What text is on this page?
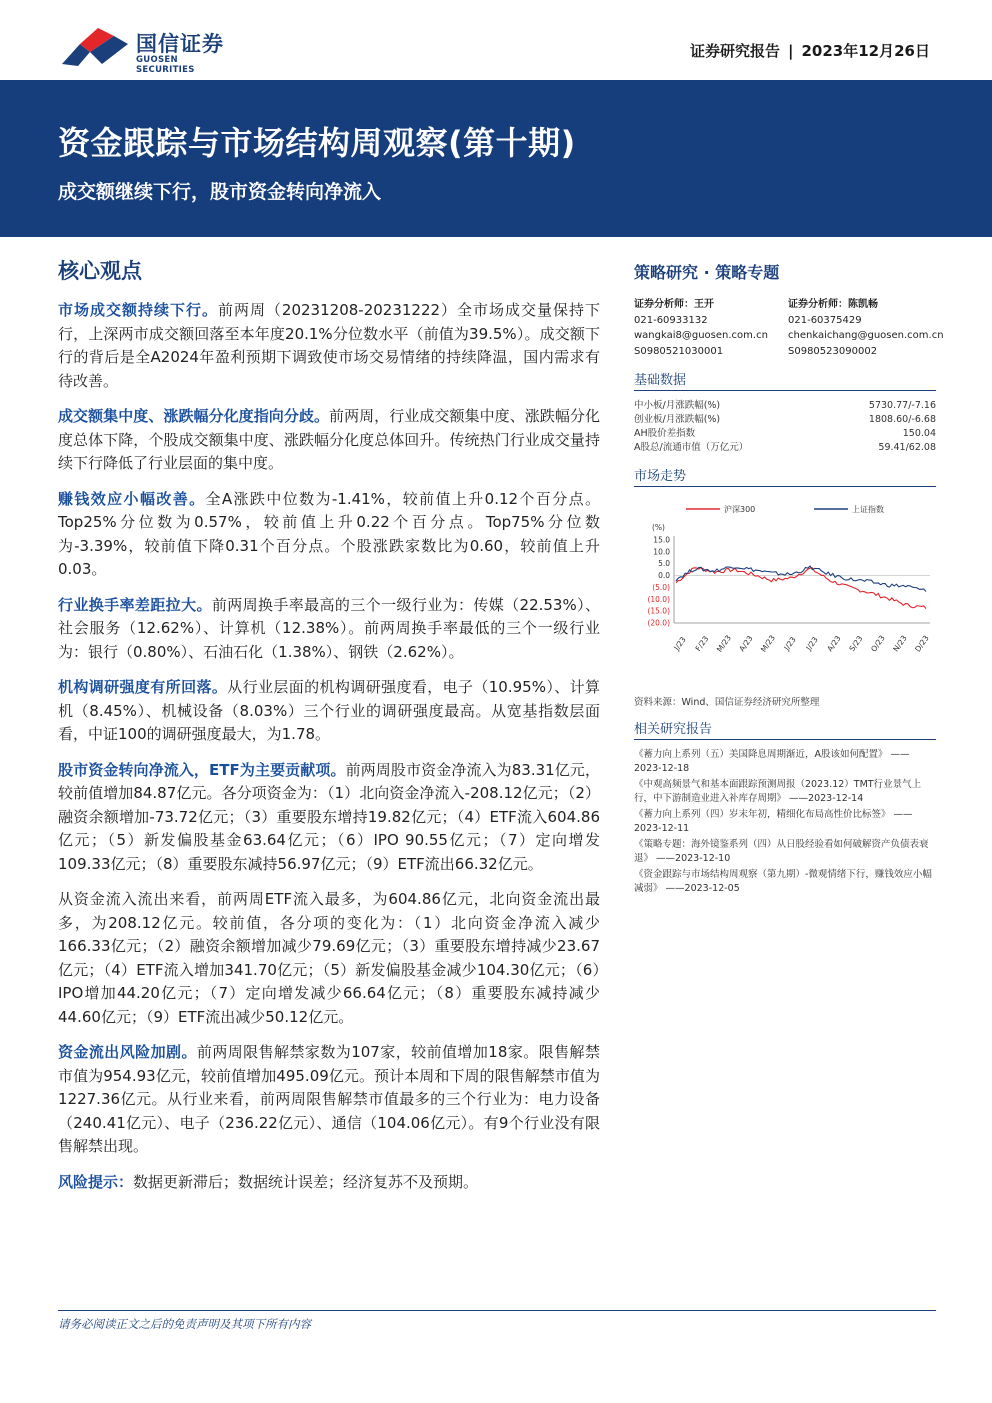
国信证券
GUOSEN SECURITIES
证券研究报告 | 2023年12月26日
资金跟踪与市场结构周观察(第十期)
成交额继续下行，股市资金转向净流入
核心观点
市场成交额持续下行。前两周（20231208-20231222）全市场成交量保持下行，上深两市成交额回落至本年度20.1%分位数水平（前值为39.5%）。成交额下行的背后是全A2024年盈利预期下调致使市场交易情绪的持续降温，国内需求有待改善。
成交额集中度、涨跌幅分化度指向分歧。前两周，行业成交额集中度、涨跌幅分化度总体下降，个股成交额集中度、涨跌幅分化度总体回升。传统热门行业成交量持续下行降低了行业层面的集中度。
赚钱效应小幅改善。全A涨跌中位数为-1.41%，较前值上升0.12个百分点。Top25%分位数为0.57%，较前值上升0.22个百分点。Top75%分位数为-3.39%，较前值下降0.31个百分点。个股涨跌家数比为0.60，较前值上升0.03。
行业换手率差距拉大。前两周换手率最高的三个一级行业为：传媒（22.53%）、社会服务（12.62%）、计算机（12.38%）。前两周换手率最低的三个一级行业为：银行（0.80%）、石油石化（1.38%）、钢铁（2.62%）。
机构调研强度有所回落。从行业层面的机构调研强度看，电子（10.95%）、计算机（8.45%）、机械设备（8.03%）三个行业的调研强度最高。从宽基指数层面看，中证100的调研强度最大，为1.78。
股市资金转向净流入，ETF为主要贡献项。前两周股市资金净流入为83.31亿元，较前值增加84.87亿元。各分项资金为：（1）北向资金净流入-208.12亿元；（2）融资余额增加-73.72亿元；（3）重要股东增持19.82亿元；（4）ETF流入604.86亿元；（5）新发偏股基金63.64亿元；（6）IPO 90.55亿元；（7）定向增发109.33亿元；（8）重要股东减持56.97亿元；（9）ETF流出66.32亿元。
从资金流入流出来看，前两周ETF流入最多，为604.86亿元，北向资金流出最多，为208.12亿元。较前值，各分项的变化为：（1）北向资金净流入减少166.33亿元；（2）融资余额增加减少79.69亿元；（3）重要股东增持减少23.67亿元；（4）ETF流入增加341.70亿元；（5）新发偏股基金减少104.30亿元；（6）IPO增加44.20亿元；（7）定向增发减少66.64亿元；（8）重要股东减持减少44.60亿元；（9）ETF流出减少50.12亿元。
资金流出风险加剧。前两周限售解禁家数为107家，较前值增加18家。限售解禁市值为954.93亿元，较前值增加495.09亿元。预计本周和下周的限售解禁市值为1227.36亿元。从行业来看，前两周限售解禁市值最多的三个行业为：电力设备（240.41亿元）、电子（236.22亿元）、通信（104.06亿元）。有9个行业没有限售解禁出现。
风险提示：数据更新滞后；数据统计误差；经济复苏不及预期。
策略研究 · 策略专题
证券分析师：王开
021-60933132
wangkai8@guosen.com.cn
S0980521030001
证券分析师：陈凯畅
021-60375429
chenkaichang@guosen.com.cn
S0980523090002
基础数据
中小板/月涨跌幅(%)	5730.77/-7.16
创业板/月涨跌幅(%)	1808.60/-6.68
AH股价差指数	150.04
A股总/流通市值（万亿元）	59.41/62.08
市场走势
沪深300	上证指数
(%)
15.0
10.0
5.0
0.0
(5.0)
(10.0)
(15.0)
(20.0)
J/23 F/23 M/23 A/23 M/23 J/23 J/23 A/23 S/23 O/23 N/23 D/23
资料来源：Wind、国信证券经济研究所整理
相关研究报告
《蓄力向上系列（五）美国降息周期渐近，A股该如何配置》 ——2023-12-18
《中观高频景气和基本面跟踪预测周报（2023.12）TMT行业景气上行，中下游制造业进入补库存周期》 ——2023-12-14
《蓄力向上系列（四）岁末年初，精细化布局高性价比标签》 ——2023-12-11
《策略专题：海外镜鉴系列（四）从日股经验看如何破解资产负债表衰退》 ——2023-12-10
《资金跟踪与市场结构周观察（第九期）-微观情绪下行，赚钱效应小幅减弱》 ——2023-12-05
请务必阅读正文之后的免责声明及其项下所有内容
